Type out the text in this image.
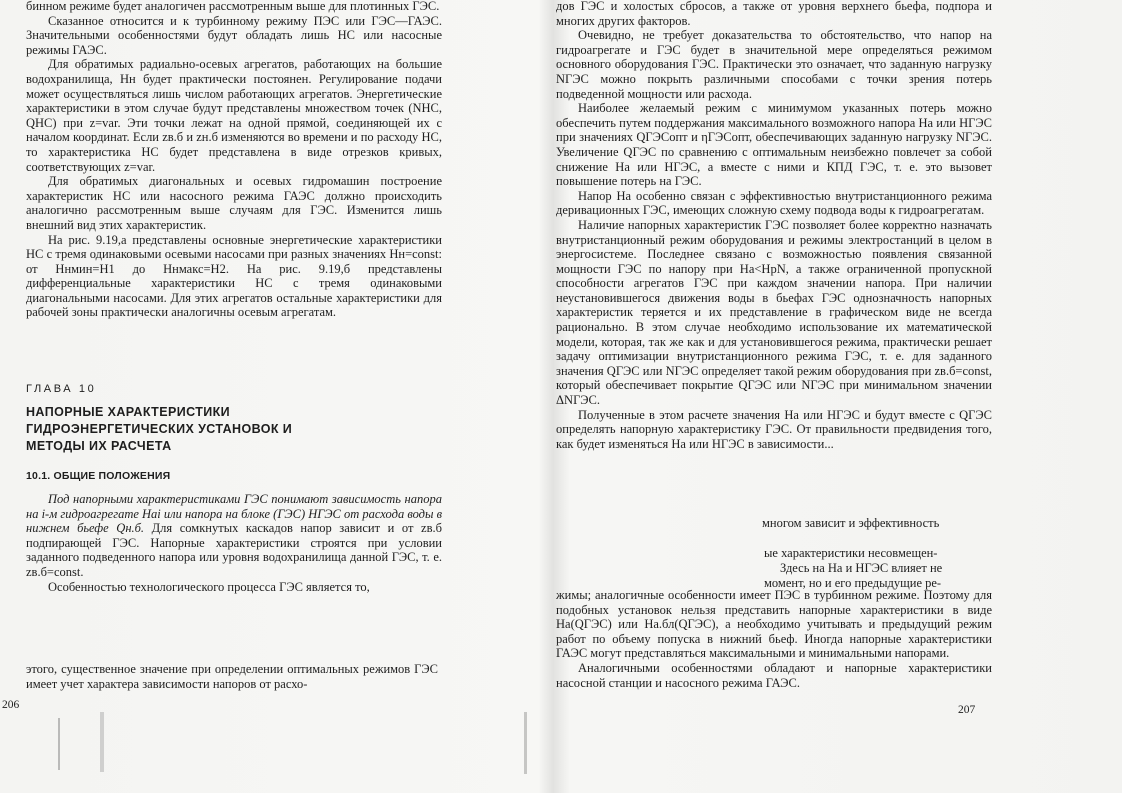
бинном режиме будет аналогичен рассмотренным выше для плотинных ГЭС.

Сказанное относится и к турбинному режиму ПЭС или ГЭС—ГАЭС. Значительными особенностями будут обладать лишь НС или насосные режимы ГАЭС.

Для обратимых радиально-осевых агрегатов, работающих на большие водохранилища, Hн будет практически постоянен. Регулирование подачи может осуществляться лишь числом работающих агрегатов. Энергетические характеристики в этом случае будут представлены множеством точек (NНС, QНС) при z=var. Эти точки лежат на одной прямой, соединяющей их с началом координат. Если zв.б и zн.б изменяются во времени и по расходу НС, то характеристика НС будет представлена в виде отрезков кривых, соответствующих z=var.

Для обратимых диагональных и осевых гидромашин построение характеристик НС или насосного режима ГАЭС должно происходить аналогично рассмотренным выше случаям для ГЭС. Изменится лишь внешний вид этих характеристик.

На рис. 9.19,а представлены основные энергетические характеристики НС с тремя одинаковыми осевыми насосами при разных значениях Hн=const: от Hнмин=H1 до Hнмакс=H2. На рис. 9.19,б представлены дифференциальные характеристики НС с тремя одинаковыми диагональными насосами. Для этих агрегатов остальные характеристики для рабочей зоны практически аналогичны осевым агрегатам.

ГЛАВА 10
НАПОРНЫЕ ХАРАКТЕРИСТИКИ ГИДРОЭНЕРГЕТИЧЕСКИХ УСТАНОВОК И МЕТОДЫ ИХ РАСЧЕТА
10.1. ОБЩИЕ ПОЛОЖЕНИЯ

Под напорными характеристиками ГЭС понимают зависимость напора на i-м гидроагрегате Hai или напора на блоке (ГЭС) HГЭС от расхода воды в нижнем бьефе Qн.б. Для сомкнутых каскадов напор зависит и от zв.б подпирающей ГЭС. Напорные характеристики строятся при условии заданного подведенного напора или уровня водохранилища данной ГЭС, т. е. zв.б=const.

Особенностью технологического процесса ГЭС является то,

этого, существенное значение при определении оптимальных режимов ГЭС имеет учет характера зависимости напоров от расхо-

206

дов ГЭС и холостых сбросов, а также от уровня верхнего бьефа, подпора и многих других факторов.

Очевидно, не требует доказательства то обстоятельство, что напор на гидроагрегате и ГЭС будет в значительной мере определяться режимом основного оборудования ГЭС. Практически это означает, что заданную нагрузку NГЭС можно покрыть различными способами с точки зрения потерь подведенной мощности или расхода.

Наиболее желаемый режим с минимумом указанных потерь можно обеспечить путем поддержания максимального возможного напора Hа или HГЭС при значениях QГЭСопт и ηГЭСопт, обеспечивающих заданную нагрузку NГЭС. Увеличение QГЭС по сравнению с оптимальным неизбежно повлечет за собой снижение Hа или HГЭС, а вместе с ними и КПД ГЭС, т. е. это вызовет повышение потерь на ГЭС.

Напор Hа особенно связан с эффективностью внутристанционного режима деривационных ГЭС, имеющих сложную схему подвода воды к гидроагрегатам.

Наличие напорных характеристик ГЭС позволяет более корректно назначать внутристанционный режим оборудования и режимы электростанций в целом в энергосистеме. Последнее связано с возможностью появления связанной мощности ГЭС по напору при Hа<HрN, а также ограниченной пропускной способности агрегатов ГЭС при каждом значении напора. При наличии неустановившегося движения воды в бьефах ГЭС однозначность напорных характеристик теряется и их представление в графическом виде не всегда рационально. В этом случае необходимо использование их математической модели, которая, так же как и для установившегося режима, практически решает задачу оптимизации внутристанционного режима ГЭС, т. е. для заданного значения QГЭС или NГЭС определяет такой режим оборудования при zв.б=const, который обеспечивает покрытие QГЭС или NГЭС при минимальном значении ΔNГЭС.

Полученные в этом расчете значения Hа или HГЭС и будут вместе с QГЭС определять напорную характеристику ГЭС. От правильности предвидения того, как будет изменяться Hа или HГЭС в зависимости...

многом зависит и эффективность
ые характеристики несовмещен-
Здесь на Hа и HГЭС влияет не
момент, но и его предыдущие ре-

жимы; аналогичные особенности имеет ПЭС в турбинном режиме. Поэтому для подобных установок нельзя представить напорные характеристики в виде Hа(QГЭС) или Hа.бл(QГЭС), а необходимо учитывать и предыдущий режим работ по объему попуска в нижний бьеф. Иногда напорные характеристики ГАЭС могут представляться максимальными и минимальными напорами.

Аналогичными особенностями обладают и напорные характеристики насосной станции и насосного режима ГАЭС.

207
